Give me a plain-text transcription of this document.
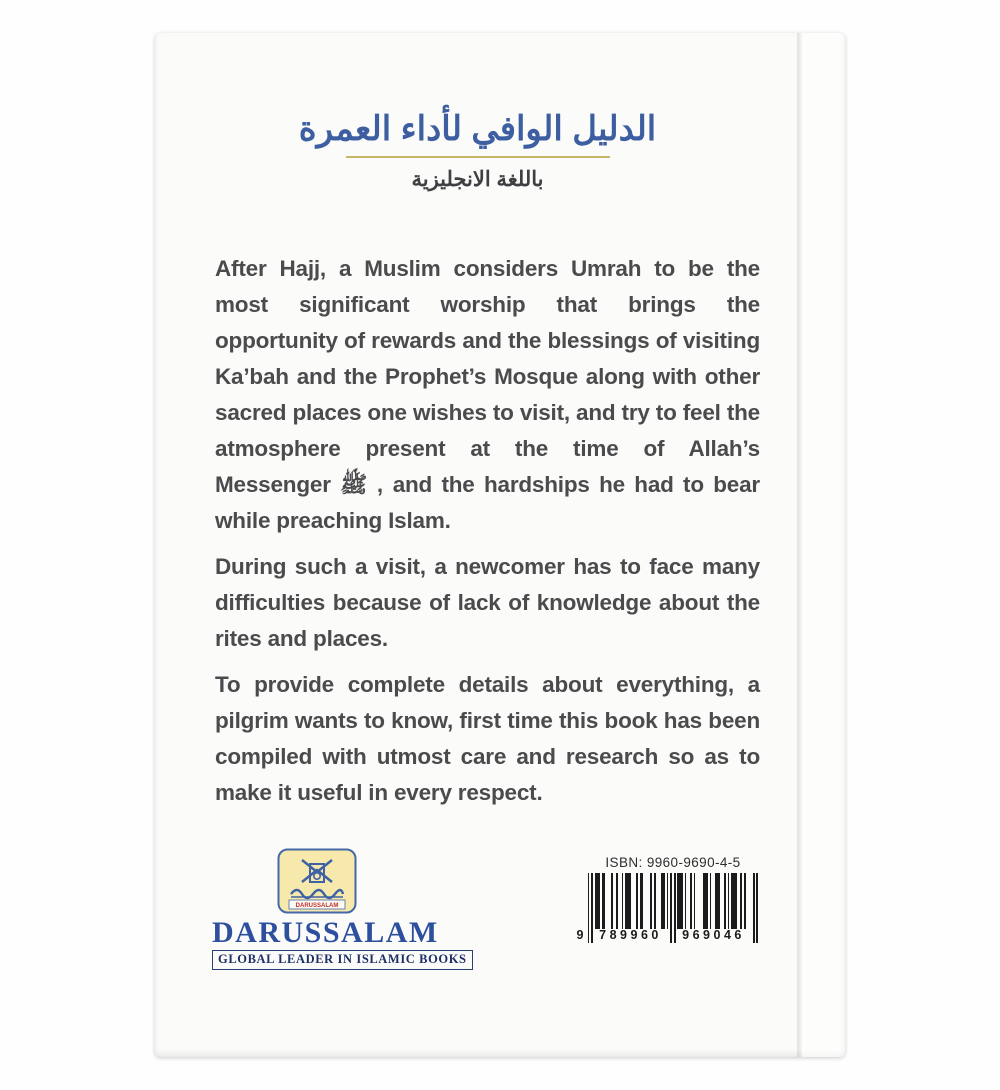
الدليل الوافي لأداء العمرة
باللغة الانجليزية

After Hajj, a Muslim considers Umrah to be the most significant worship that brings the opportunity of rewards and the blessings of visiting Ka’bah and the Prophet’s Mosque along with other sacred places one wishes to visit, and try to feel the atmosphere present at the time of Allah’s Messenger ﷺ , and the hardships he had to bear while preaching Islam.

During such a visit, a newcomer has to face many difficulties because of lack of knowledge about the rites and places.

To provide complete details about everything, a pilgrim wants to know, first time this book has been compiled with utmost care and research so as to make it useful in every respect.

DARUSSALAM
DARUSSALAM
GLOBAL LEADER IN ISLAMIC BOOKS
ISBN: 9960-9690-4-5
9 789960 969046
